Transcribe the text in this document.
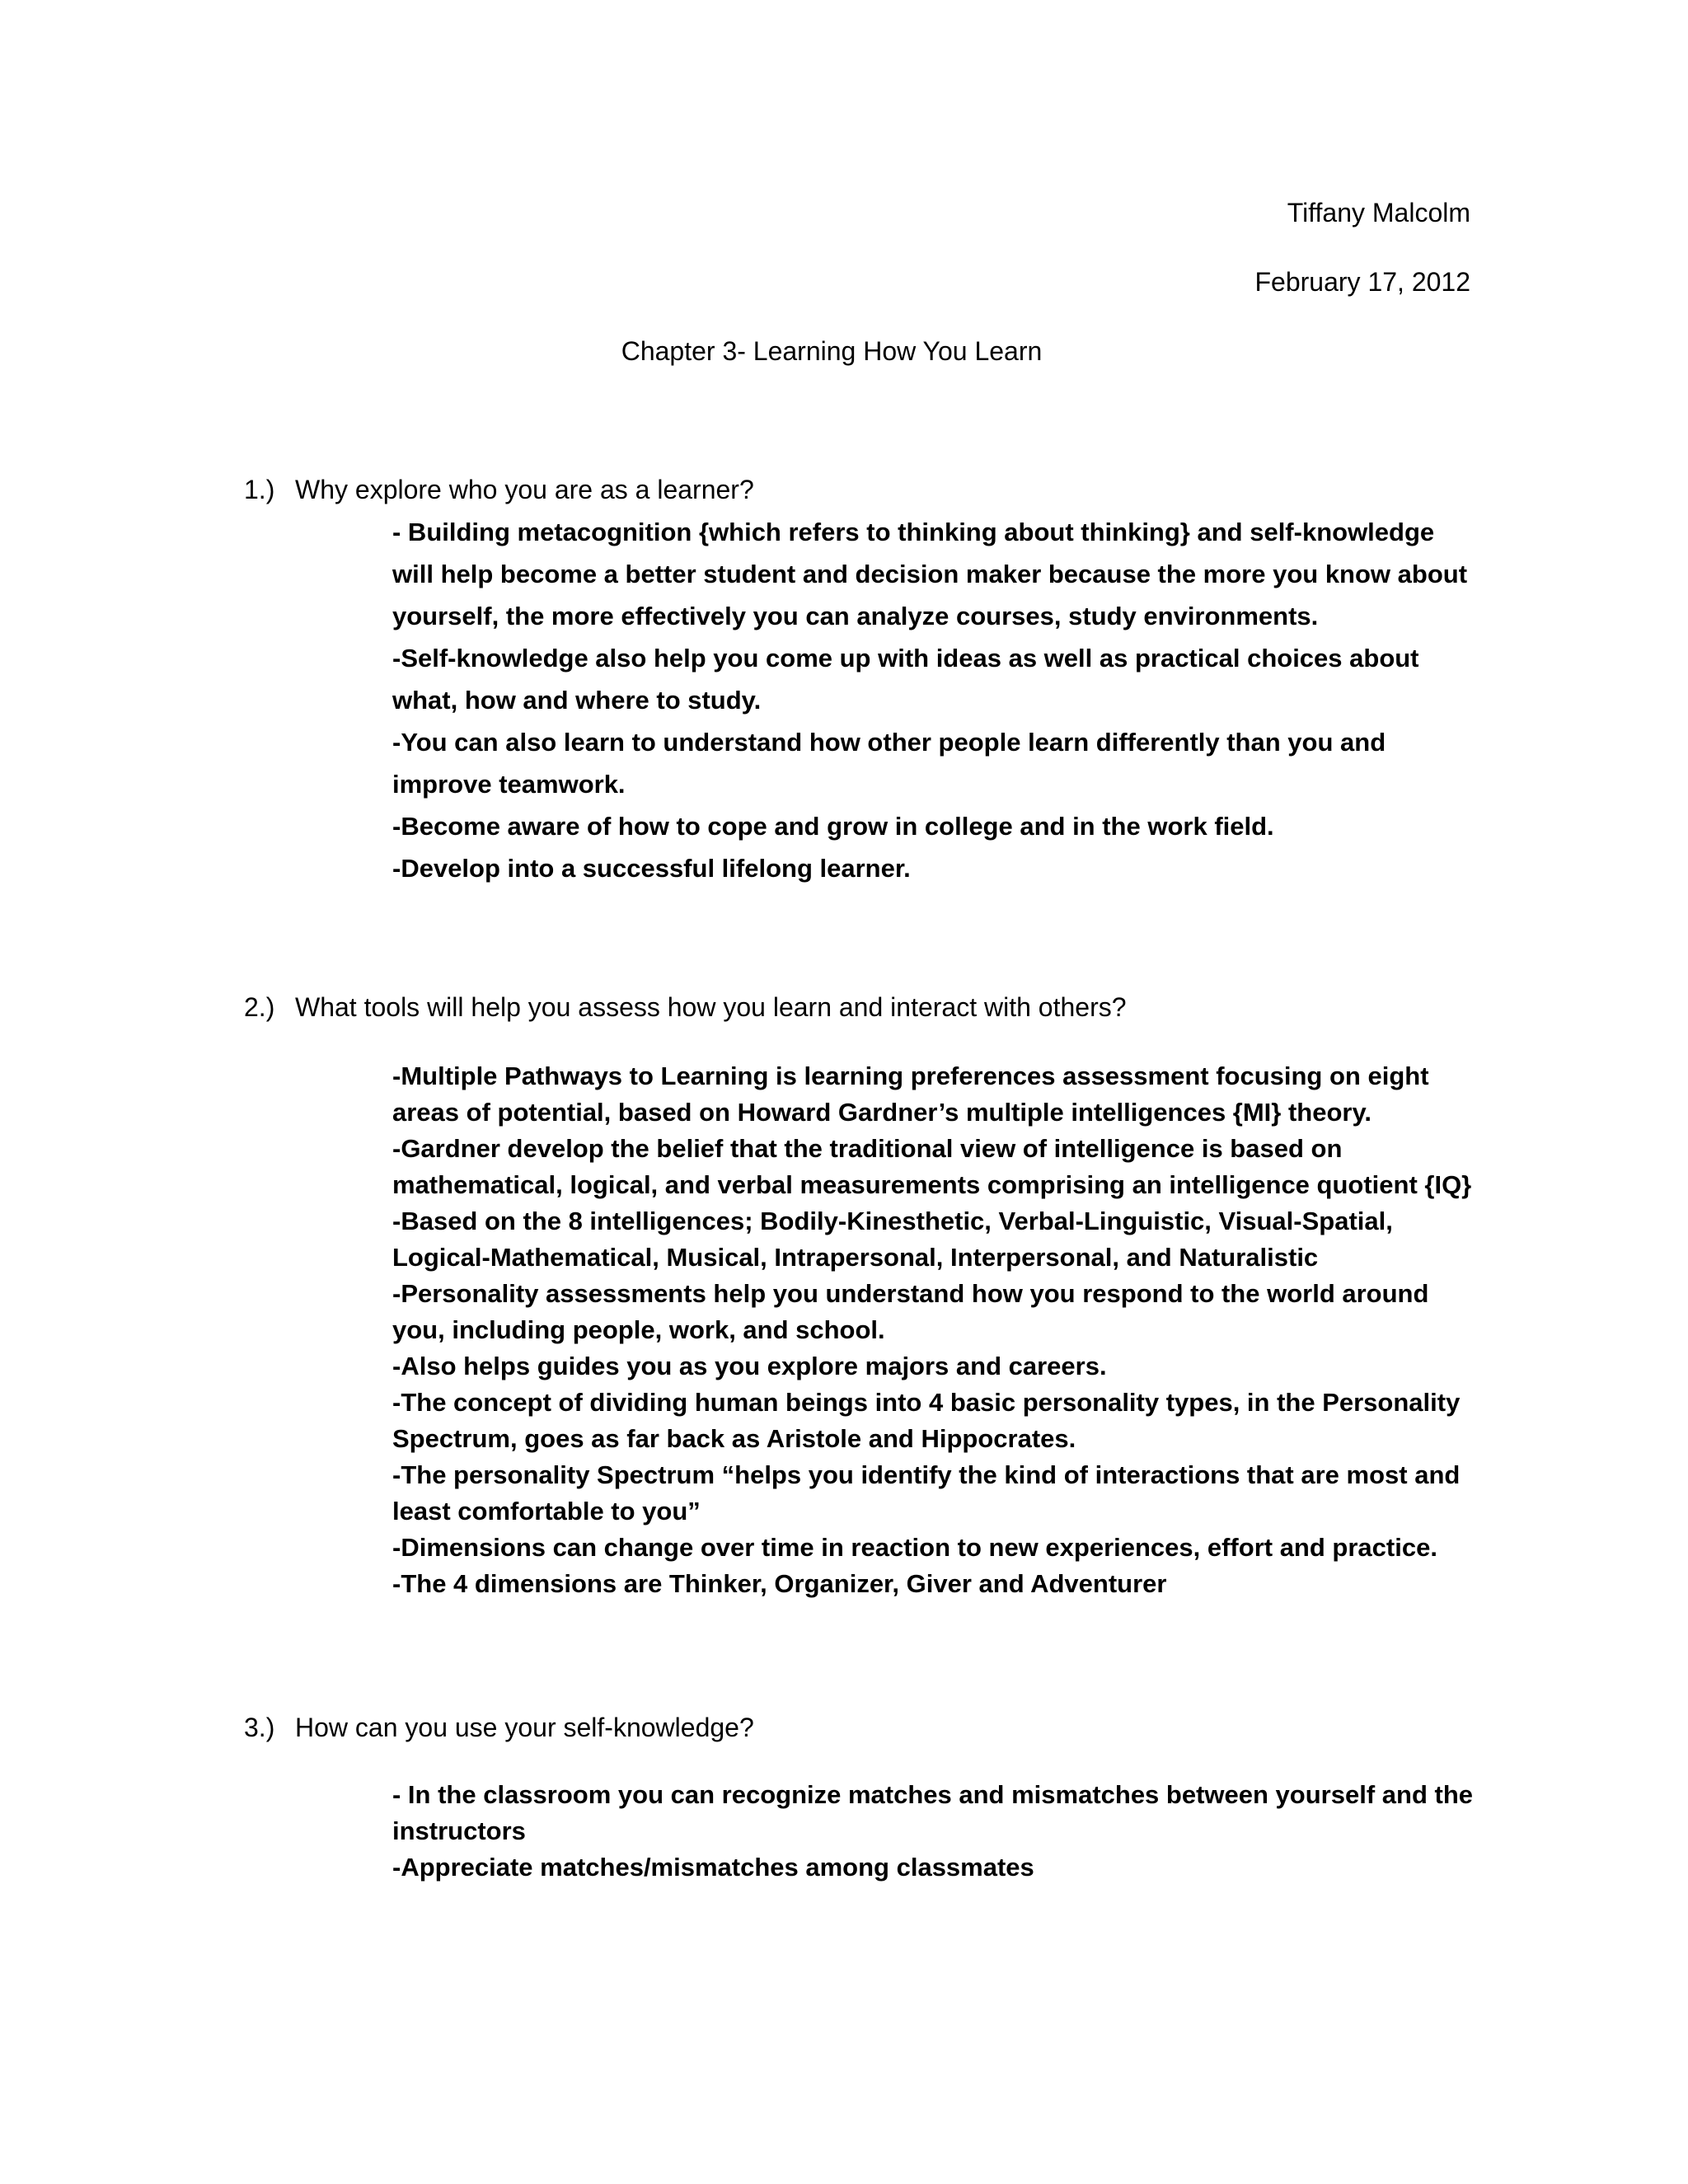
Tiffany Malcolm
February 17, 2012
Chapter 3- Learning How You Learn
1.) Why explore who you are as a learner?
- Building metacognition {which refers to thinking about thinking} and self-knowledge will help become a better student and decision maker because the more you know about yourself, the more effectively you can analyze courses, study environments.
-Self-knowledge also help you come up with ideas as well as practical choices about what, how and where to study.
-You can also learn to understand how other people learn differently than you and improve teamwork.
-Become aware of how to cope and grow in college and in the work field.
-Develop into a successful lifelong learner.
2.) What tools will help you assess how you learn and interact with others?
-Multiple Pathways to Learning is learning preferences assessment focusing on eight areas of potential, based on Howard Gardner’s multiple intelligences {MI} theory.
-Gardner develop the belief that the traditional view of intelligence is based on mathematical, logical, and verbal measurements comprising an intelligence quotient {IQ}
-Based on the 8 intelligences; Bodily-Kinesthetic, Verbal-Linguistic, Visual-Spatial, Logical-Mathematical, Musical, Intrapersonal, Interpersonal, and Naturalistic
-Personality assessments help you understand how you respond to the world around you, including people, work, and school.
-Also helps guides you as you explore majors and careers.
-The concept of dividing human beings into 4 basic personality types, in the Personality Spectrum, goes as far back as Aristole and Hippocrates.
-The personality Spectrum “helps you identify the kind of interactions that are most and least comfortable to you”
-Dimensions can change over time in reaction to new experiences, effort and practice.
-The 4 dimensions are Thinker, Organizer, Giver and Adventurer
3.) How can you use your self-knowledge?
- In the classroom you can recognize matches and mismatches between yourself and the instructors
-Appreciate matches/mismatches among classmates
